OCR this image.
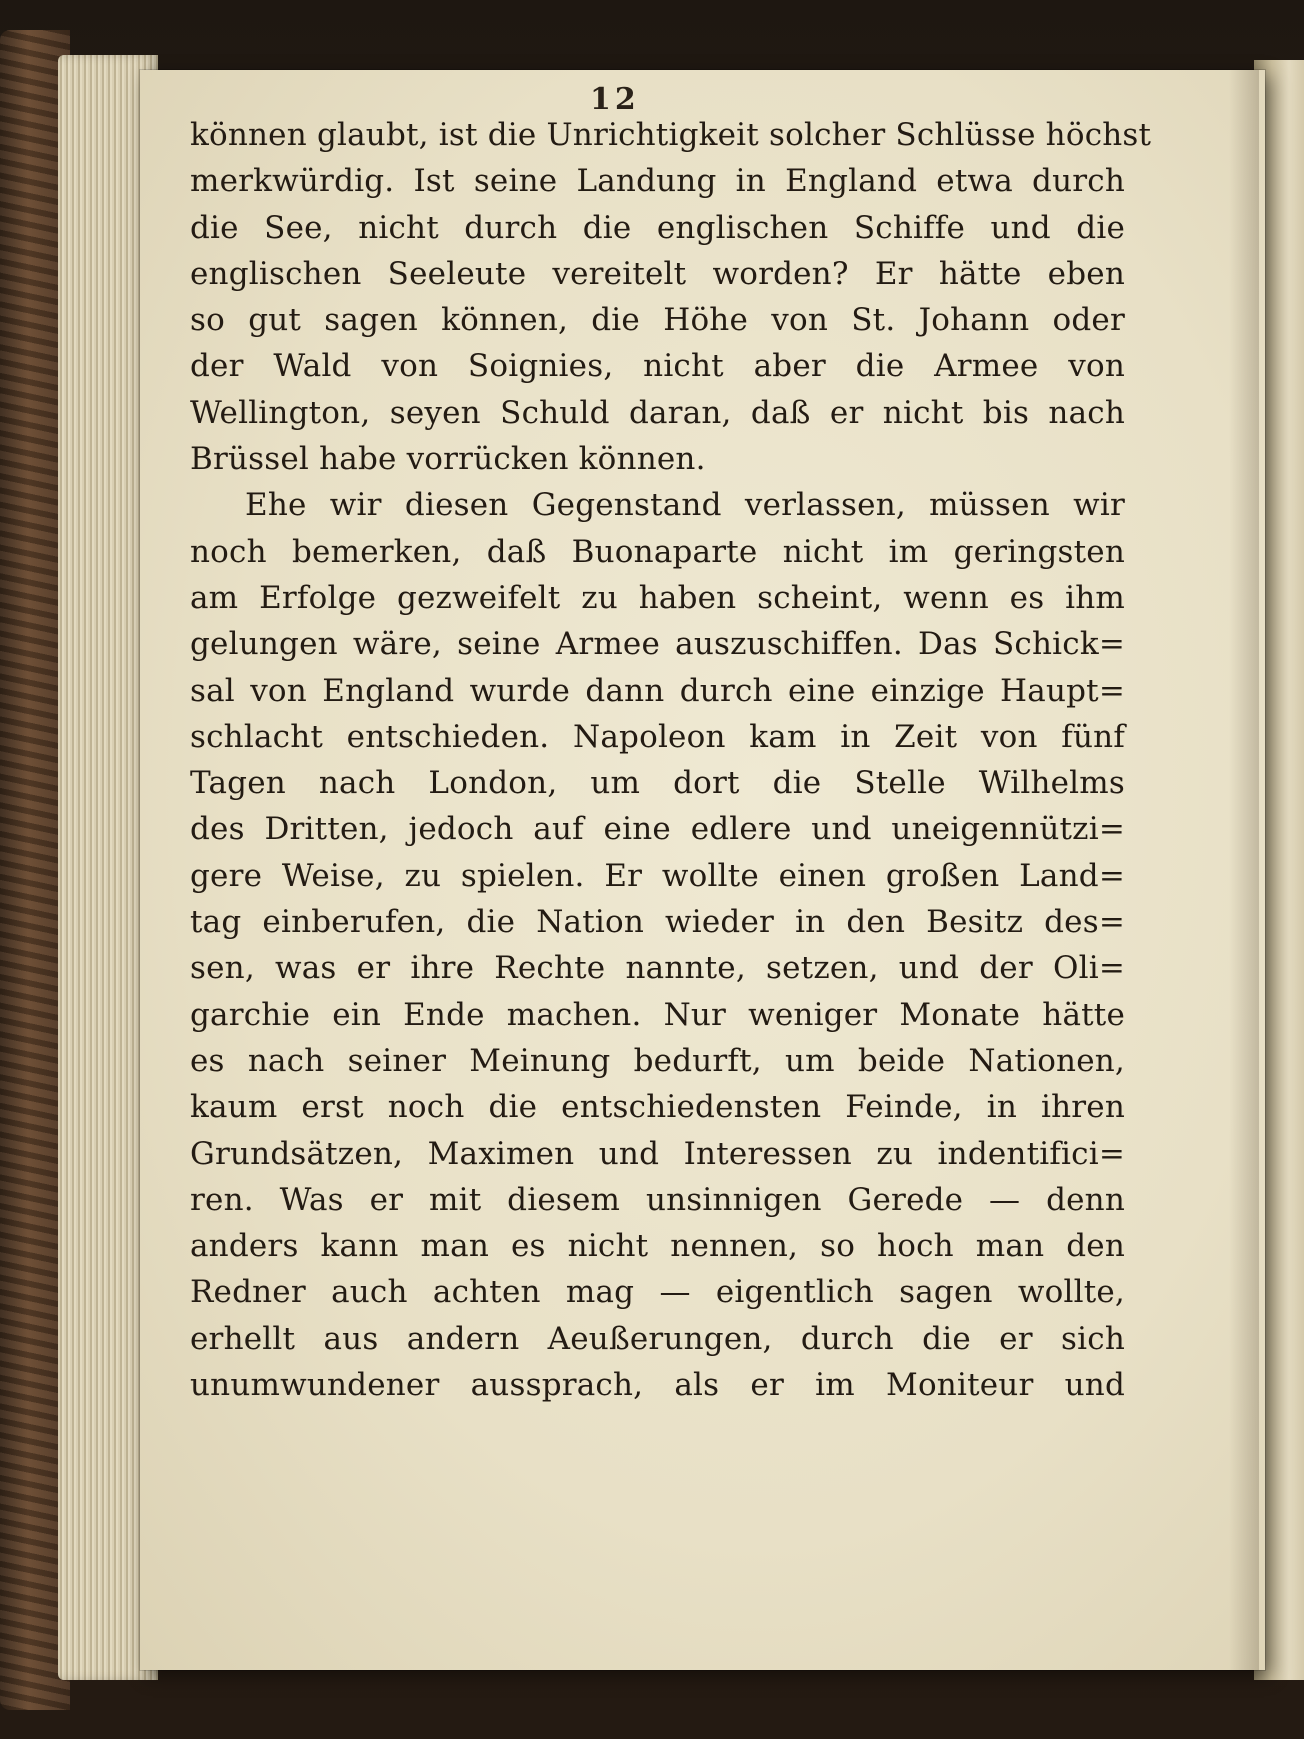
12
können glaubt, ist die Unrichtigkeit solcher Schlüsse höchst
merkwürdig. Ist seine Landung in England etwa durch
die See, nicht durch die englischen Schiffe und die
englischen Seeleute vereitelt worden? Er hätte eben
so gut sagen können, die Höhe von St. Johann oder
der Wald von Soignies, nicht aber die Armee von
Wellington, seyen Schuld daran, daß er nicht bis nach
Brüssel habe vorrücken können.
Ehe wir diesen Gegenstand verlassen, müssen wir
noch bemerken, daß Buonaparte nicht im geringsten
am Erfolge gezweifelt zu haben scheint, wenn es ihm
gelungen wäre, seine Armee auszuschiffen. Das Schick=
sal von England wurde dann durch eine einzige Haupt=
schlacht entschieden. Napoleon kam in Zeit von fünf
Tagen nach London, um dort die Stelle Wilhelms
des Dritten, jedoch auf eine edlere und uneigennützi=
gere Weise, zu spielen. Er wollte einen großen Land=
tag einberufen, die Nation wieder in den Besitz des=
sen, was er ihre Rechte nannte, setzen, und der Oli=
garchie ein Ende machen. Nur weniger Monate hätte
es nach seiner Meinung bedurft, um beide Nationen,
kaum erst noch die entschiedensten Feinde, in ihren
Grundsätzen, Maximen und Interessen zu indentifici=
ren. Was er mit diesem unsinnigen Gerede — denn
anders kann man es nicht nennen, so hoch man den
Redner auch achten mag — eigentlich sagen wollte,
erhellt aus andern Aeußerungen, durch die er sich
unumwundener aussprach, als er im Moniteur und
